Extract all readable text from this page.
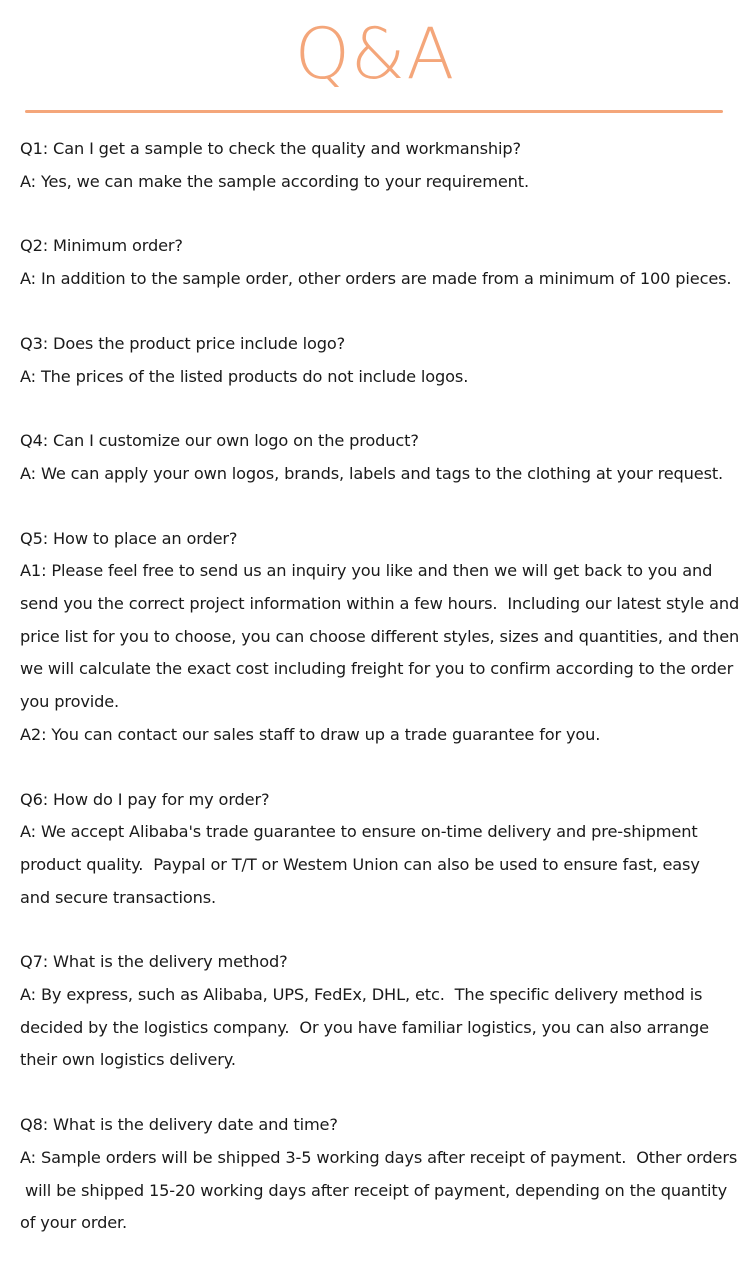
Q&A

Q1: Can I get a sample to check the quality and workmanship?

A: Yes, we can make the sample according to your requirement.

Q2: Minimum order?

A: In addition to the sample order, other orders are made from a minimum of 100 pieces.

Q3: Does the product price include logo?

A: The prices of the listed products do not include logos.

Q4: Can I customize our own logo on the product?

A: We can apply your own logos, brands, labels and tags to the clothing at your request.

Q5: How to place an order?

A1: Please feel free to send us an inquiry you like and then we will get back to you and

send you the correct project information within a few hours.  Including our latest style and

price list for you to choose, you can choose different styles, sizes and quantities, and then

we will calculate the exact cost including freight for you to confirm according to the order

you provide.

A2: You can contact our sales staff to draw up a trade guarantee for you.

Q6: How do I pay for my order?

A: We accept Alibaba's trade guarantee to ensure on-time delivery and pre-shipment

product quality.  Paypal or T/T or Westem Union can also be used to ensure fast, easy

and secure transactions.

Q7: What is the delivery method?

A: By express, such as Alibaba, UPS, FedEx, DHL, etc.  The specific delivery method is

decided by the logistics company.  Or you have familiar logistics, you can also arrange

their own logistics delivery.

Q8: What is the delivery date and time?

A: Sample orders will be shipped 3-5 working days after receipt of payment.  Other orders

will be shipped 15-20 working days after receipt of payment, depending on the quantity

of your order.
